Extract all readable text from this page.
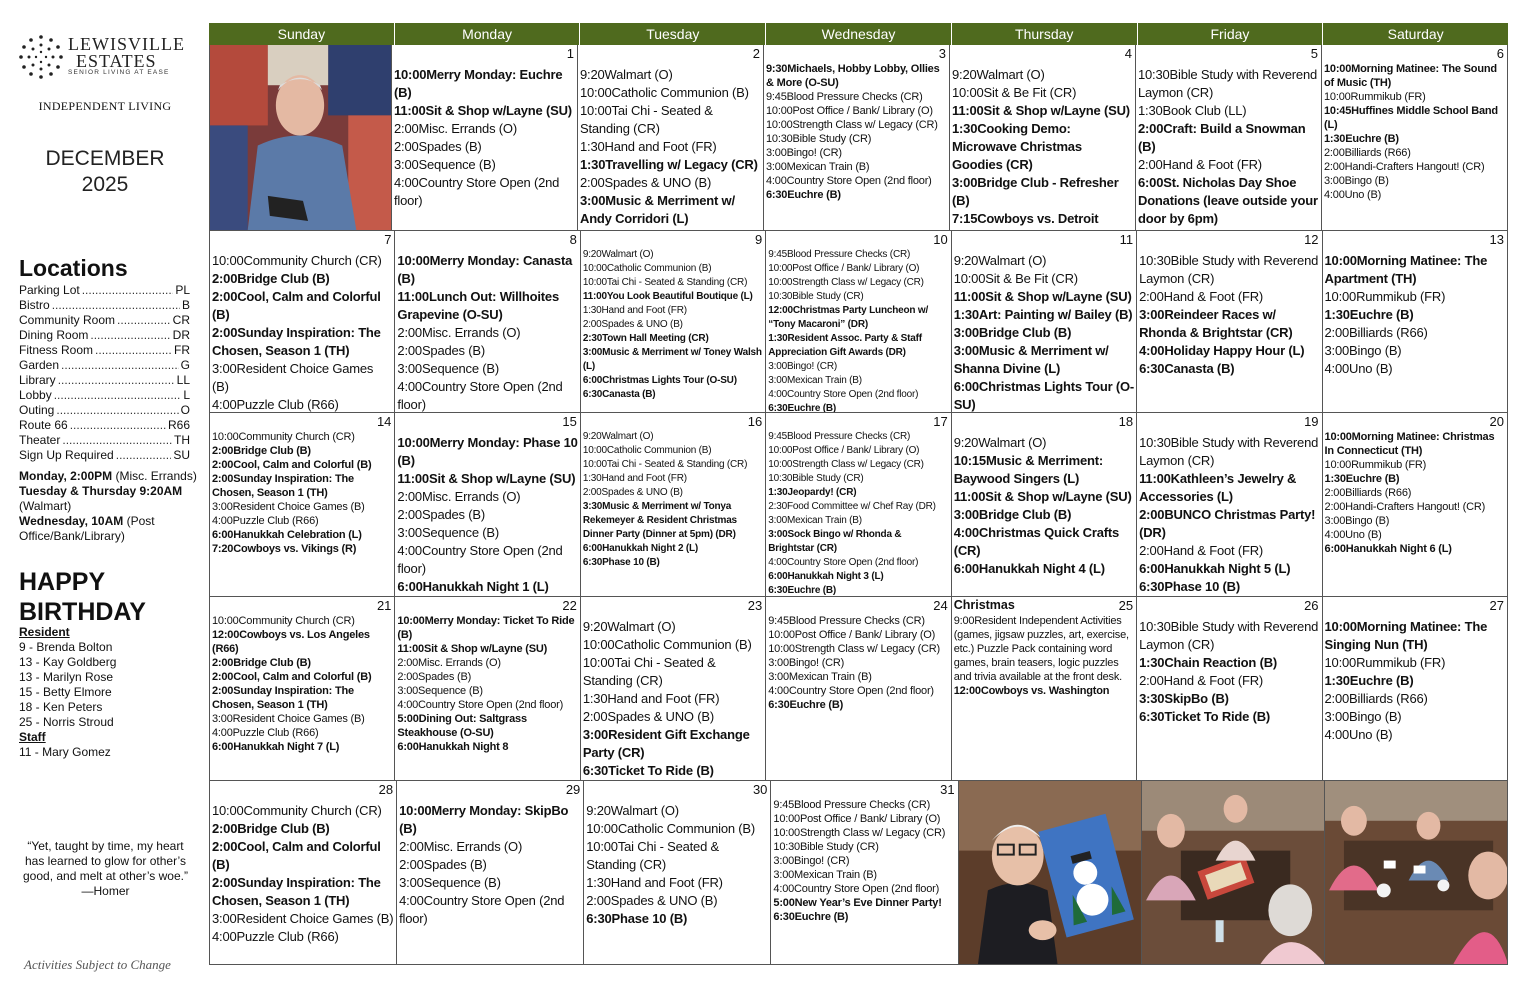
LEWISVILLE
ESTATES
SENIOR LIVING AT EASE
INDEPENDENT LIVING
DECEMBER
2025
Locations
Parking Lot .....	PL
Bistro .....	B
Community Room .....	CR
Dining Room .....	DR
Fitness Room .....	FR
Garden .....	G
Library .....	LL
Lobby .....	L
Outing .....	O
Route 66 .....	R66
Theater .....	TH
Sign Up Required .....	SU
Monday, 2:00PM (Misc. Errands)
Tuesday & Thursday 9:20AM (Walmart)
Wednesday, 10AM (Post Office/Bank/Library)
HAPPY
BIRTHDAY
Resident
9 - Brenda Bolton
13 - Kay Goldberg
13 - Marilyn Rose
15 - Betty Elmore
18 - Ken Peters
25 - Norris Stroud
Staff
11 - Mary Gomez
“Yet, taught by time, my heart has learned to glow for other’s good, and melt at other’s woe.”
—Homer
Activities Subject to Change
Sunday	Monday	Tuesday	Wednesday	Thursday	Friday	Saturday
1
10:00Merry Monday: Euchre (B)
11:00Sit & Shop w/Layne (SU)
2:00Misc. Errands (O)
2:00Spades (B)
3:00Sequence (B)
4:00Country Store Open (2nd floor)
2
9:20Walmart (O)
10:00Catholic Communion (B)
10:00Tai Chi - Seated & Standing (CR)
1:30Hand and Foot (FR)
1:30Travelling w/ Legacy (CR)
2:00Spades & UNO (B)
3:00Music & Merriment w/ Andy Corridori (L)
3
9:30Michaels, Hobby Lobby, Ollies & More (O-SU)
9:45Blood Pressure Checks (CR)
10:00Post Office / Bank/ Library (O)
10:00Strength Class w/ Legacy (CR)
10:30Bible Study (CR)
3:00Bingo! (CR)
3:00Mexican Train (B)
4:00Country Store Open (2nd floor)
6:30Euchre (B)
4
9:20Walmart (O)
10:00Sit & Be Fit (CR)
11:00Sit & Shop w/Layne (SU)
1:30Cooking Demo: Microwave Christmas Goodies (CR)
3:00Bridge Club - Refresher (B)
7:15Cowboys vs. Detroit
5
10:30Bible Study with Reverend Laymon (CR)
1:30Book Club (LL)
2:00Craft: Build a Snowman (B)
2:00Hand & Foot (FR)
6:00St. Nicholas Day Shoe Donations (leave outside your door by 6pm)
6
10:00Morning Matinee: The Sound of Music (TH)
10:00Rummikub (FR)
10:45Huffines Middle School Band (L)
1:30Euchre (B)
2:00Billiards (R66)
2:00Handi-Crafters Hangout! (CR)
3:00Bingo (B)
4:00Uno (B)
7
10:00Community Church (CR)
2:00Bridge Club (B)
2:00Cool, Calm and Colorful (B)
2:00Sunday Inspiration: The Chosen, Season 1 (TH)
3:00Resident Choice Games (B)
4:00Puzzle Club (R66)
8
10:00Merry Monday: Canasta (B)
11:00Lunch Out: Willhoites Grapevine (O-SU)
2:00Misc. Errands (O)
2:00Spades (B)
3:00Sequence (B)
4:00Country Store Open (2nd floor)
9
9:20Walmart (O)
10:00Catholic Communion (B)
10:00Tai Chi - Seated & Standing (CR)
11:00You Look Beautiful Boutique (L)
1:30Hand and Foot (FR)
2:00Spades & UNO (B)
2:30Town Hall Meeting (CR)
3:00Music & Merriment w/ Toney Walsh (L)
6:00Christmas Lights Tour (O-SU)
6:30Canasta (B)
10
9:45Blood Pressure Checks (CR)
10:00Post Office / Bank/ Library (O)
10:00Strength Class w/ Legacy (CR)
10:30Bible Study (CR)
12:00Christmas Party Luncheon w/ “Tony Macaroni” (DR)
1:30Resident Assoc. Party & Staff Appreciation Gift Awards (DR)
3:00Bingo! (CR)
3:00Mexican Train (B)
4:00Country Store Open (2nd floor)
6:30Euchre (B)
11
9:20Walmart (O)
10:00Sit & Be Fit (CR)
11:00Sit & Shop w/Layne (SU)
1:30Art: Painting w/ Bailey (B)
3:00Bridge Club (B)
3:00Music & Merriment w/ Shanna Divine (L)
6:00Christmas Lights Tour (O-SU)
12
10:30Bible Study with Reverend Laymon (CR)
2:00Hand & Foot (FR)
3:00Reindeer Races w/ Rhonda & Brightstar (CR)
4:00Holiday Happy Hour (L)
6:30Canasta (B)
13
10:00Morning Matinee: The Apartment (TH)
10:00Rummikub (FR)
1:30Euchre (B)
2:00Billiards (R66)
3:00Bingo (B)
4:00Uno (B)
14
10:00Community Church (CR)
2:00Bridge Club (B)
2:00Cool, Calm and Colorful (B)
2:00Sunday Inspiration: The Chosen, Season 1 (TH)
3:00Resident Choice Games (B)
4:00Puzzle Club (R66)
6:00Hanukkah Celebration (L)
7:20Cowboys vs. Vikings (R)
15
10:00Merry Monday: Phase 10 (B)
11:00Sit & Shop w/Layne (SU)
2:00Misc. Errands (O)
2:00Spades (B)
3:00Sequence (B)
4:00Country Store Open (2nd floor)
6:00Hanukkah Night 1 (L)
16
9:20Walmart (O)
10:00Catholic Communion (B)
10:00Tai Chi - Seated & Standing (CR)
1:30Hand and Foot (FR)
2:00Spades & UNO (B)
3:30Music & Merriment w/ Tonya Rekemeyer & Resident Christmas Dinner Party (Dinner at 5pm) (DR)
6:00Hanukkah Night 2 (L)
6:30Phase 10 (B)
17
9:45Blood Pressure Checks (CR)
10:00Post Office / Bank/ Library (O)
10:00Strength Class w/ Legacy (CR)
10:30Bible Study (CR)
1:30Jeopardy! (CR)
2:30Food Committee w/ Chef Ray (DR)
3:00Mexican Train (B)
3:00Sock Bingo w/ Rhonda & Brightstar (CR)
4:00Country Store Open (2nd floor)
6:00Hanukkah Night 3 (L)
6:30Euchre (B)
18
9:20Walmart (O)
10:15Music & Merriment: Baywood Singers (L)
11:00Sit & Shop w/Layne (SU)
3:00Bridge Club (B)
4:00Christmas Quick Crafts (CR)
6:00Hanukkah Night 4 (L)
19
10:30Bible Study with Reverend Laymon (CR)
11:00Kathleen’s Jewelry & Accessories (L)
2:00BUNCO Christmas Party! (DR)
2:00Hand & Foot (FR)
6:00Hanukkah Night 5 (L)
6:30Phase 10 (B)
20
10:00Morning Matinee: Christmas In Connecticut (TH)
10:00Rummikub (FR)
1:30Euchre (B)
2:00Billiards (R66)
2:00Handi-Crafters Hangout! (CR)
3:00Bingo (B)
4:00Uno (B)
6:00Hanukkah Night 6 (L)
21
10:00Community Church (CR)
12:00Cowboys vs. Los Angeles (R66)
2:00Bridge Club (B)
2:00Cool, Calm and Colorful (B)
2:00Sunday Inspiration: The Chosen, Season 1 (TH)
3:00Resident Choice Games (B)
4:00Puzzle Club (R66)
6:00Hanukkah Night 7 (L)
22
10:00Merry Monday: Ticket To Ride (B)
11:00Sit & Shop w/Layne (SU)
2:00Misc. Errands (O)
2:00Spades (B)
3:00Sequence (B)
4:00Country Store Open (2nd floor)
5:00Dining Out: Saltgrass Steakhouse (O-SU)
6:00Hanukkah Night 8
23
9:20Walmart (O)
10:00Catholic Communion (B)
10:00Tai Chi - Seated & Standing (CR)
1:30Hand and Foot (FR)
2:00Spades & UNO (B)
3:00Resident Gift Exchange Party (CR)
6:30Ticket To Ride (B)
24
9:45Blood Pressure Checks (CR)
10:00Post Office / Bank/ Library (O)
10:00Strength Class w/ Legacy (CR)
3:00Bingo! (CR)
3:00Mexican Train (B)
4:00Country Store Open (2nd floor)
6:30Euchre (B)
Christmas	25
9:00Resident Independent Activities (games, jigsaw puzzles, art, exercise, etc.) Puzzle Pack containing word games, brain teasers, logic puzzles and trivia available at the front desk.
12:00Cowboys vs. Washington
26
10:30Bible Study with Reverend Laymon (CR)
1:30Chain Reaction (B)
2:00Hand & Foot (FR)
3:30SkipBo (B)
6:30Ticket To Ride (B)
27
10:00Morning Matinee: The Singing Nun (TH)
10:00Rummikub (FR)
1:30Euchre (B)
2:00Billiards (R66)
3:00Bingo (B)
4:00Uno (B)
28
10:00Community Church (CR)
2:00Bridge Club (B)
2:00Cool, Calm and Colorful (B)
2:00Sunday Inspiration: The Chosen, Season 1 (TH)
3:00Resident Choice Games (B)
4:00Puzzle Club (R66)
29
10:00Merry Monday: SkipBo (B)
2:00Misc. Errands (O)
2:00Spades (B)
3:00Sequence (B)
4:00Country Store Open (2nd floor)
30
9:20Walmart (O)
10:00Catholic Communion (B)
10:00Tai Chi - Seated & Standing (CR)
1:30Hand and Foot (FR)
2:00Spades & UNO (B)
6:30Phase 10 (B)
31
9:45Blood Pressure Checks (CR)
10:00Post Office / Bank/ Library (O)
10:00Strength Class w/ Legacy (CR)
10:30Bible Study (CR)
3:00Bingo! (CR)
3:00Mexican Train (B)
4:00Country Store Open (2nd floor)
5:00New Year’s Eve Dinner Party!
6:30Euchre (B)
